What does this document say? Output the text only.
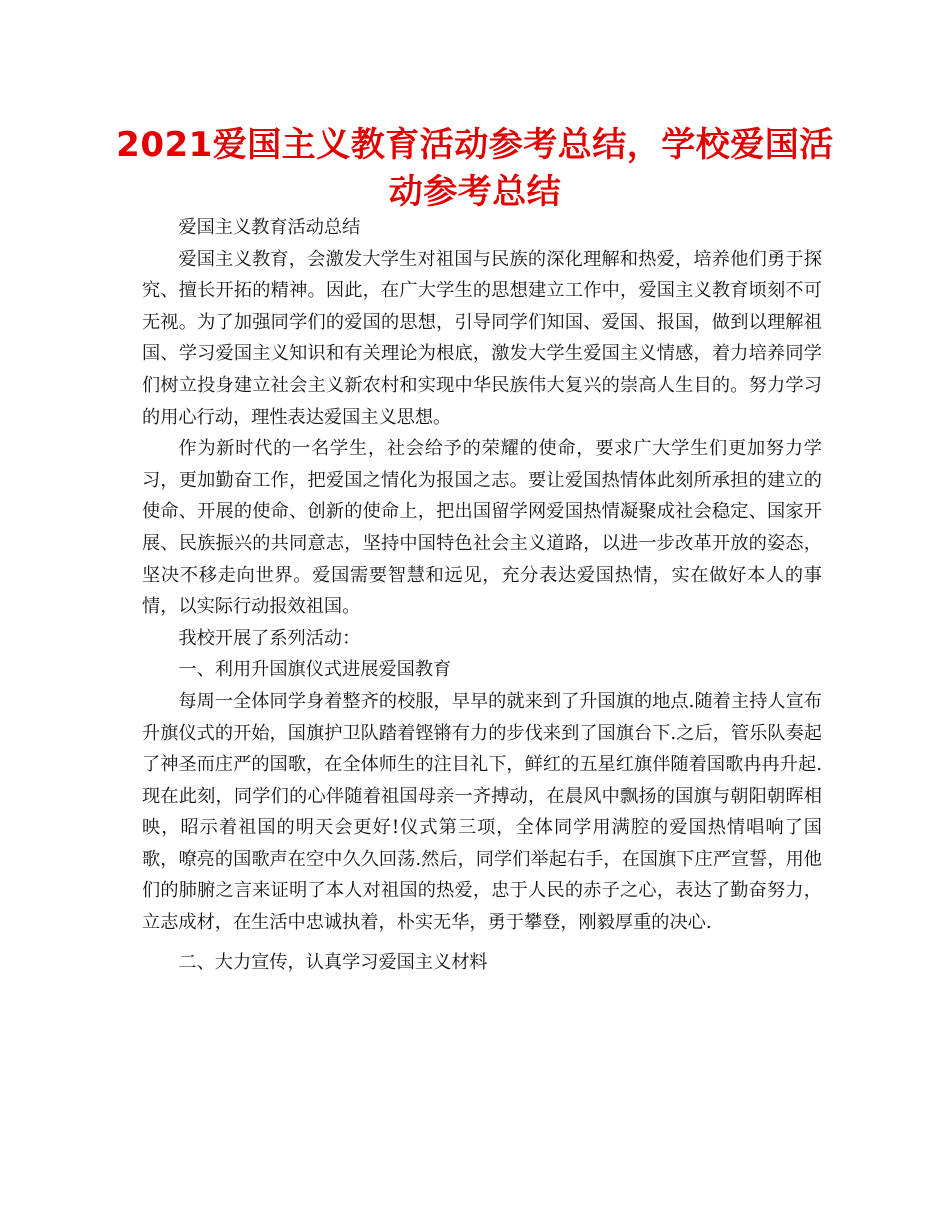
2021爱国主义教育活动参考总结，学校爱国活动参考总结

爱国主义教育活动总结

爱国主义教育，会激发大学生对祖国与民族的深化理解和热爱，培养他们勇于探究、擅长开拓的精神。因此，在广大学生的思想建立工作中，爱国主义教育顷刻不可无视。为了加强同学们的爱国的思想，引导同学们知国、爱国、报国，做到以理解祖国、学习爱国主义知识和有关理论为根底，激发大学生爱国主义情感，着力培养同学们树立投身建立社会主义新农村和实现中华民族伟大复兴的崇高人生目的。努力学习的用心行动，理性表达爱国主义思想。

作为新时代的一名学生，社会给予的荣耀的使命，要求广大学生们更加努力学习，更加勤奋工作，把爱国之情化为报国之志。要让爱国热情体此刻所承担的建立的使命、开展的使命、创新的使命上，把出国留学网爱国热情凝聚成社会稳定、国家开展、民族振兴的共同意志，坚持中国特色社会主义道路，以进一步改革开放的姿态，坚决不移走向世界。爱国需要智慧和远见，充分表达爱国热情，实在做好本人的事情，以实际行动报效祖国。

我校开展了系列活动：

一、利用升国旗仪式进展爱国教育

每周一全体同学身着整齐的校服，早早的就来到了升国旗的地点.随着主持人宣布升旗仪式的开始，国旗护卫队踏着铿锵有力的步伐来到了国旗台下.之后，管乐队奏起了神圣而庄严的国歌，在全体师生的注目礼下，鲜红的五星红旗伴随着国歌冉冉升起.现在此刻，同学们的心伴随着祖国母亲一齐搏动，在晨风中飘扬的国旗与朝阳朝晖相映，昭示着祖国的明天会更好!仪式第三项，全体同学用满腔的爱国热情唱响了国歌，嘹亮的国歌声在空中久久回荡.然后，同学们举起右手，在国旗下庄严宣誓，用他们的肺腑之言来证明了本人对祖国的热爱，忠于人民的赤子之心，表达了勤奋努力，立志成材，在生活中忠诚执着，朴实无华，勇于攀登，刚毅厚重的决心.

二、大力宣传，认真学习爱国主义材料
